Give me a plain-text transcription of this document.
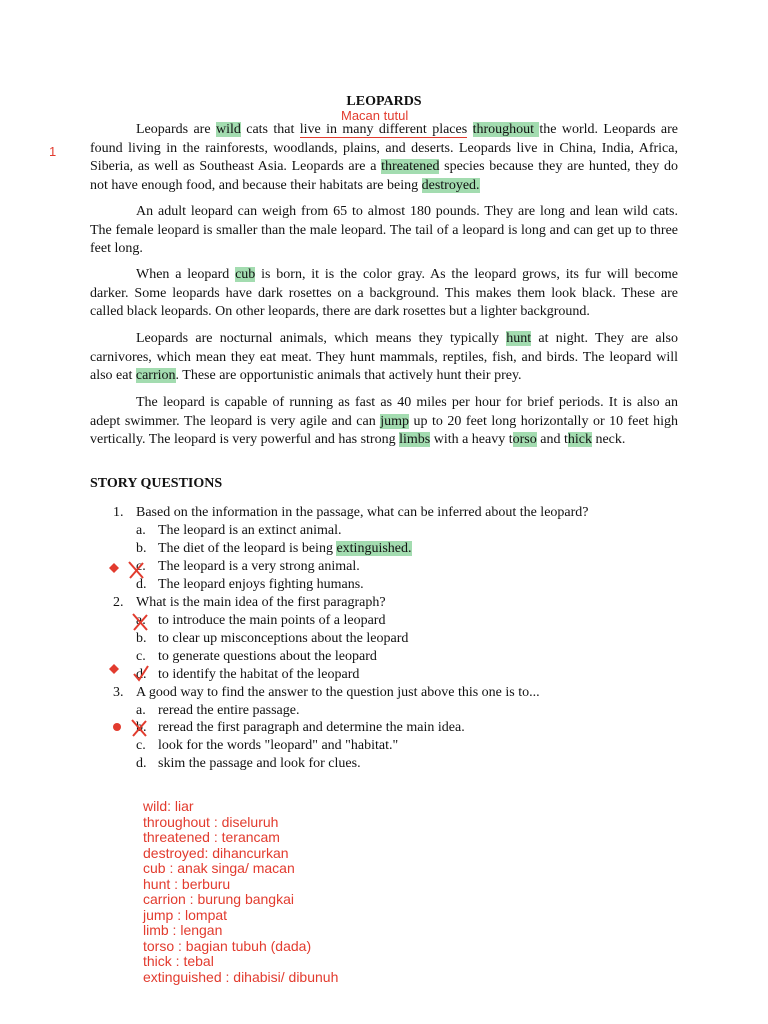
LEOPARDS
Macan tutul
1

Leopards are wild cats that live in many different places throughout the world. Leopards are found living in the rainforests, woodlands, plains, and deserts. Leopards live in China, India, Africa, Siberia, as well as Southeast Asia. Leopards are a threatened species because they are hunted, they do not have enough food, and because their habitats are being destroyed.

An adult leopard can weigh from 65 to almost 180 pounds. They are long and lean wild cats. The female leopard is smaller than the male leopard. The tail of a leopard is long and can get up to three feet long.

When a leopard cub is born, it is the color gray. As the leopard grows, its fur will become darker. Some leopards have dark rosettes on a background. This makes them look black. These are called black leopards. On other leopards, there are dark rosettes but a lighter background.

Leopards are nocturnal animals, which means they typically hunt at night. They are also carnivores, which mean they eat meat. They hunt mammals, reptiles, fish, and birds. The leopard will also eat carrion. These are opportunistic animals that actively hunt their prey.

The leopard is capable of running as fast as 40 miles per hour for brief periods. It is also an adept swimmer. The leopard is very agile and can jump up to 20 feet long horizontally or 10 feet high vertically. The leopard is very powerful and has strong limbs with a heavy torso and thick neck.

STORY QUESTIONS
1. Based on the information in the passage, what can be inferred about the leopard?
a. The leopard is an extinct animal.
b. The diet of the leopard is being extinguished.
c. The leopard is a very strong animal.
d. The leopard enjoys fighting humans.
2. What is the main idea of the first paragraph?
a. to introduce the main points of a leopard
b. to clear up misconceptions about the leopard
c. to generate questions about the leopard
d. to identify the habitat of the leopard
3. A good way to find the answer to the question just above this one is to...
a. reread the entire passage.
b. reread the first paragraph and determine the main idea.
c. look for the words "leopard" and "habitat."
d. skim the passage and look for clues.
wild: liar
throughout : diseluruh
threatened : terancam
destroyed: dihancurkan
cub : anak singa/ macan
hunt : berburu
carrion : burung bangkai
jump : lompat
limb : lengan
torso : bagian tubuh (dada)
thick : tebal
extinguished : dihabisi/ dibunuh
